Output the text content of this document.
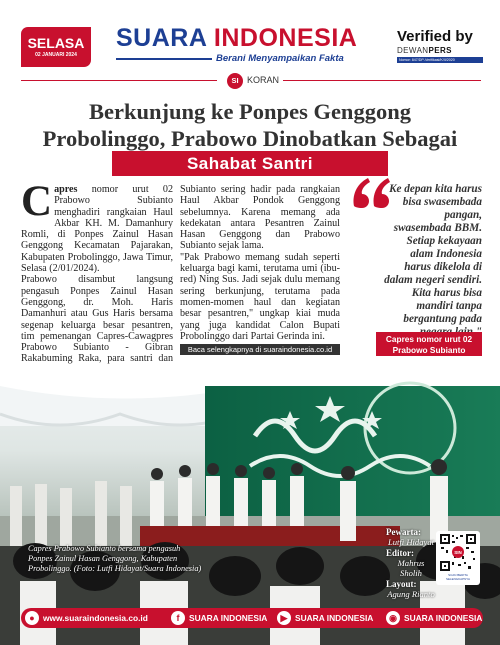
SELASA
02 JANUARI 2024
SUARA INDONESIA
Berani Menyampaikan Fakta
Verified by
DEWANPERS
Nomor: 847/DP-Verifikasi/K/II/2020
SI KORAN
Berkunjung ke Ponpes Genggong
Probolinggo, Prabowo Dinobatkan Sebagai
Sahabat Santri

Capres nomor urut 02 Prabowo Subianto menghadiri rangkaian Haul Akbar KH. M. Damanhury Romli, di Ponpes Zainul Hasan Genggong Kecamatan Pajarakan, Kabupaten Probolinggo, Jawa Timur, Selasa (2/01/2024).

Prabowo disambut langsung pengasuh Ponpes Zainul Hasan Genggong, dr. Moh. Haris Damanhuri atau Gus Haris bersama segenap keluarga besar pesantren, tim pemenangan Capres-Cawagpres Prabowo Subianto - Gibran Rakabuming Raka, para santri dan

Subianto sering hadir pada rangkaian Haul Akbar Pondok Genggong sebelumnya. Karena memang ada kedekatan antara Pesantren Zainul Hasan Genggong dan Prabowo Subianto sejak lama.

"Pak Prabowo memang sudah seperti keluarga bagi kami, terutama umi (ibu-red) Ning Sus. Jadi sejak dulu memang sering berkunjung, terutama pada momen-momen haul dan kegiatan besar pesantren," ungkap kiai muda yang juga kandidat Calon Bupati Probolinggo dari Partai Gerinda ini.

Baca selengkapnya di suaraindonesia.co.id
Ke depan kita harus bisa swasembada pangan, swasembada BBM. Setiap kekayaan alam Indonesia harus dikelola di dalam negeri sendiri. Kita harus bisa mandiri tanpa bergantung pada
Capres nomor urut 02
Prabowo Subianto
Capres Prabowo Subianto bersama pengasuh Ponpes Zainul Hasan Genggong, Kabupaten Probolinggo. (Foto: Lutfi Hidayat/Suara Indonesia)
Pewarta:
Lutfi Hidayat
Editor:
Mahrus Sholih
Layout:
Agung Rianto
SIN
SCAN BERITA SELENGKAPNYA
● www.suaraindonesia.co.id	f	SUARA INDONESIA	▶ SUARA INDONESIA	◉ SUARA INDONESIA
